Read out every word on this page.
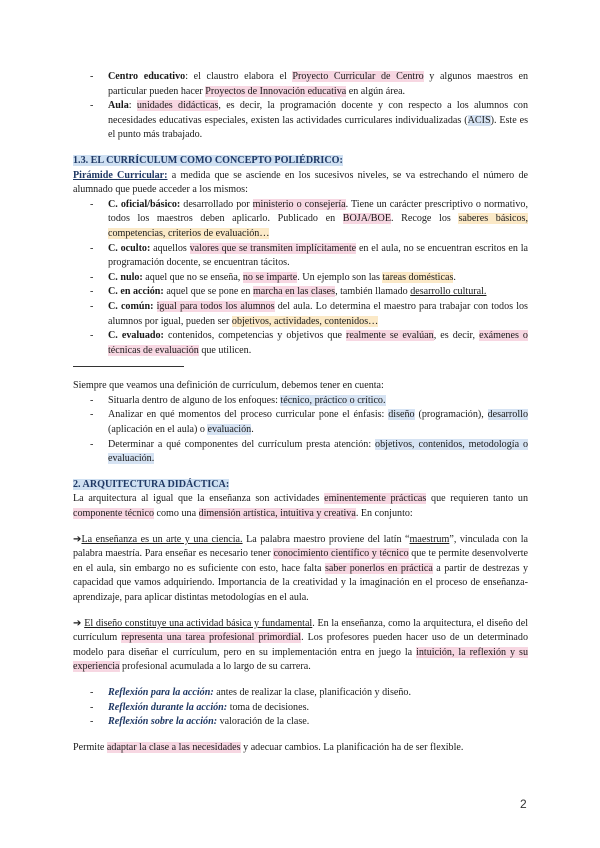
- Centro educativo: el claustro elabora el Proyecto Curricular de Centro y algunos maestros en particular pueden hacer Proyectos de Innovación educativa en algún área.
- Aula: unidades didácticas, es decir, la programación docente y con respecto a los alumnos con necesidades educativas especiales, existen las actividades curriculares individualizadas (ACIS). Este es el punto más trabajado.
1.3. EL CURRÍCULUM COMO CONCEPTO POLIÉDRICO:

Pirámide Curricular: a medida que se asciende en los sucesivos niveles, se va estrechando el número de alumnado que puede acceder a los mismos:

- C. oficial/básico: desarrollado por ministerio o consejería. Tiene un carácter prescriptivo o normativo, todos los maestros deben aplicarlo. Publicado en BOJA/BOE. Recoge los saberes básicos, competencias, criterios de evaluación…
- C. oculto: aquellos valores que se transmiten implícitamente en el aula, no se encuentran escritos en la programación docente, se encuentran tácitos.
- C. nulo: aquel que no se enseña, no se imparte. Un ejemplo son las tareas domésticas.
- C. en acción: aquel que se pone en marcha en las clases, también llamado desarrollo cultural.
- C. común: igual para todos los alumnos del aula. Lo determina el maestro para trabajar con todos los alumnos por igual, pueden ser objetivos, actividades, contenidos…
- C. evaluado: contenidos, competencias y objetivos que realmente se evalúan, es decir, exámenes o técnicas de evaluación que utilicen.

Siempre que veamos una definición de currículum, debemos tener en cuenta:

- Situarla dentro de alguno de los enfoques: técnico, práctico o crítico.
- Analizar en qué momentos del proceso curricular pone el énfasis: diseño (programación), desarrollo (aplicación en el aula) o evaluación.
- Determinar a qué componentes del currículum presta atención: objetivos, contenidos, metodología o evaluación.
2. ARQUITECTURA DIDÁCTICA:

La arquitectura al igual que la enseñanza son actividades eminentemente prácticas que requieren tanto un componente técnico como una dimensión artística, intuitiva y creativa. En conjunto:

➔La enseñanza es un arte y una ciencia. La palabra maestro proviene del latín “maestrum”, vinculada con la palabra maestría. Para enseñar es necesario tener conocimiento científico y técnico que te permite desenvolverte en el aula, sin embargo no es suficiente con esto, hace falta saber ponerlos en práctica a partir de destrezas y capacidad que vamos adquiriendo. Importancia de la creatividad y la imaginación en el proceso de enseñanza-aprendizaje, para aplicar distintas metodologías en el aula.

➔ El diseño constituye una actividad básica y fundamental. En la enseñanza, como la arquitectura, el diseño del currículum representa una tarea profesional primordial. Los profesores pueden hacer uso de un determinado modelo para diseñar el currículum, pero en su implementación entra en juego la intuición, la reflexión y su experiencia profesional acumulada a lo largo de su carrera.

- Reflexión para la acción: antes de realizar la clase, planificación y diseño.
- Reflexión durante la acción: toma de decisiones.
- Reflexión sobre la acción: valoración de la clase.

Permite adaptar la clase a las necesidades y adecuar cambios. La planificación ha de ser flexible.

2
